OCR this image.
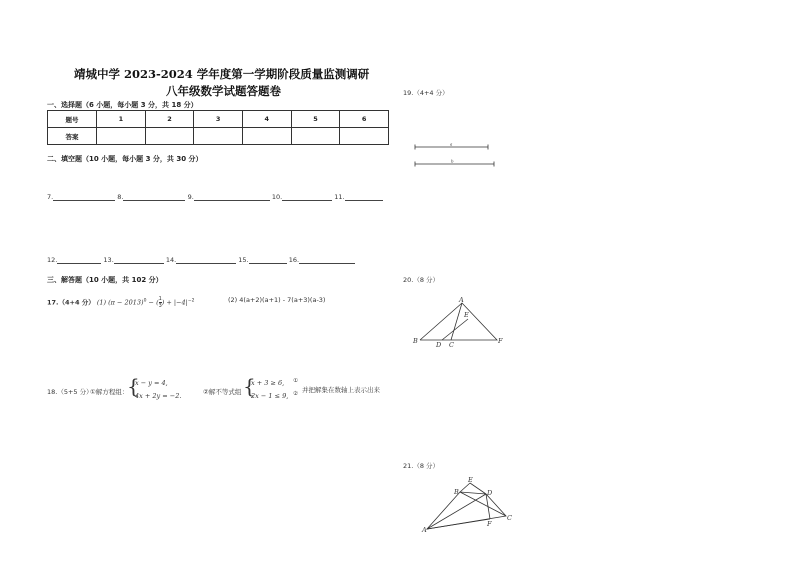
靖城中学 2023-2024 学年度第一学期阶段质量监测调研
八年级数学试题答题卷
一、选择题（6 小题，每小题 3 分，共 18 分）
题号	1	2	3	4	5	6
答案						
二、填空题（10 小题，每小题 3 分，共 30 分）
7.	8.	9.	10.	11.
12.	13.	14.	15.	16.
三、解答题（10 小题，共 102 分）
17.（4+4 分） (1) $(\pi - 2013)^0$ − ( $\frac{1}{3}$ ) + $|-4|^{-2}$	(2) 4(a+2)(a+1) - 7(a+3)(a-3)
18.（5+5 分）
①解方程组：
{
x − y = 4,
4x + 2y = −2.	②解不等式组 {
x + 3 ≥ 6,
2x − 1 ≤ 9,
①
② 并把解集在数轴上表示出来
19.（4+4 分）
a
b
20.（8 分）
A
E
B	D C	F
21.（8 分）
E
B	D
C
F
A
